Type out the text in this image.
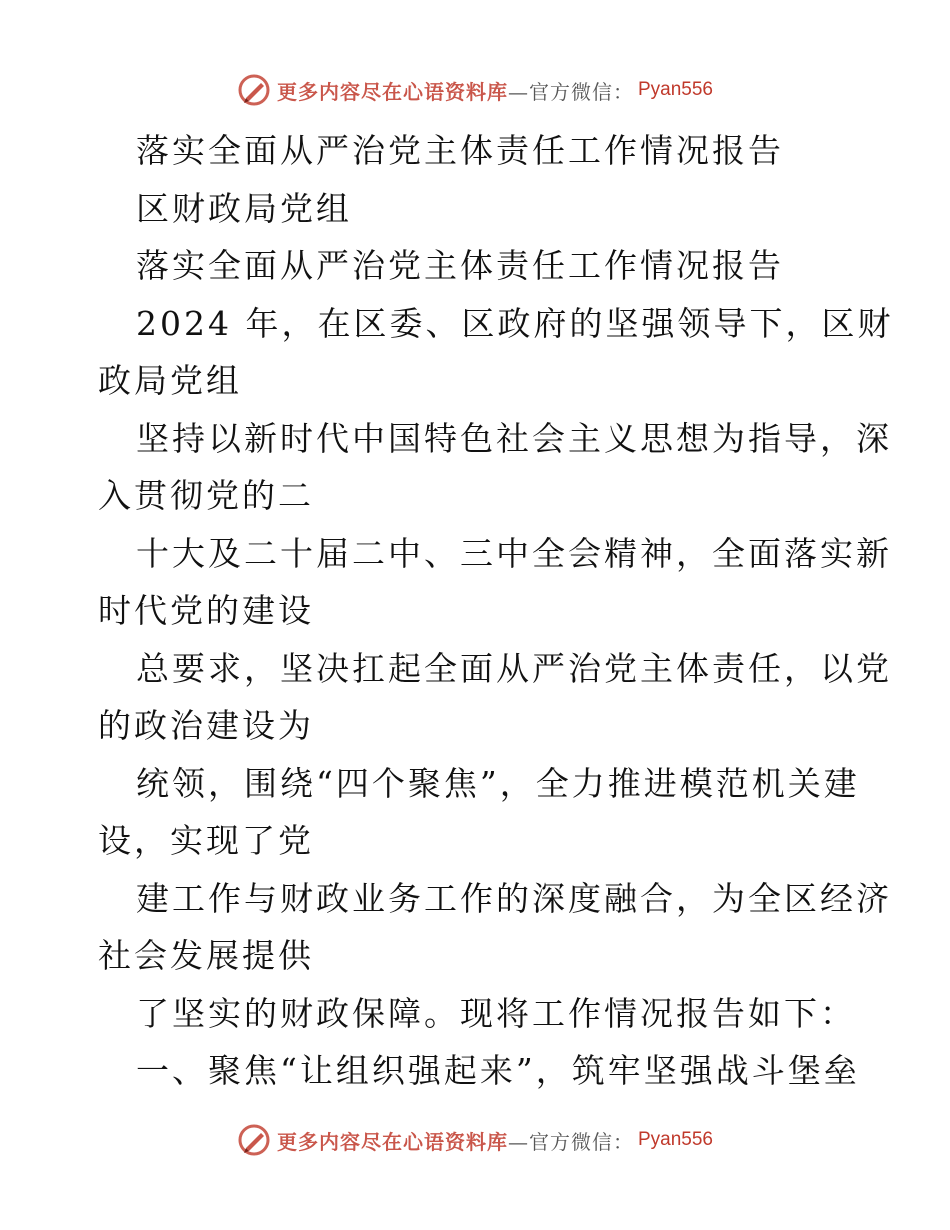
更多内容尽在心语资料库 —官方微信： Pyan556
落实全面从严治党主体责任工作情况报告
区财政局党组
落实全面从严治党主体责任工作情况报告
2024 年，在区委、区政府的坚强领导下，区财
政局党组
坚持以新时代中国特色社会主义思想为指导，深
入贯彻党的二
十大及二十届二中、三中全会精神，全面落实新
时代党的建设
总要求，坚决扛起全面从严治党主体责任，以党
的政治建设为
统领，围绕“四个聚焦”，全力推进模范机关建
设，实现了党
建工作与财政业务工作的深度融合，为全区经济
社会发展提供
了坚实的财政保障。现将工作情况报告如下：
一、聚焦“让组织强起来”，筑牢坚强战斗堡垒
更多内容尽在心语资料库 —官方微信： Pyan556
